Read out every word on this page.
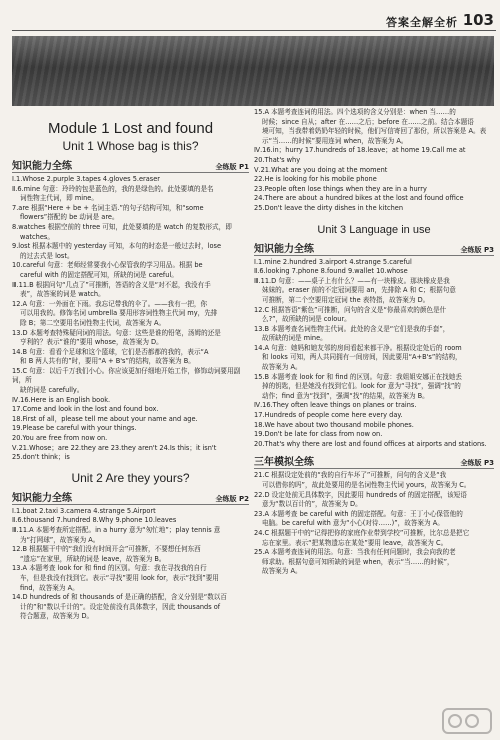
答案全解全析 103
Module 1 Lost and found
Unit 1 Whose bag is this?
知识能力全练	全练版 P1
Ⅰ.1.Whose 2.purple 3.tapes 4.gloves 5.eraser
Ⅱ.6.mine 句意：玲玲的包是蓝色的，我的是绿色的。此处要填的是名
词性物主代词，即 mine。
7.are 根据“Here + be + 名词主语.”的句子结构可知，和“some
flowers”搭配的 be 动词是 are。
8.watches 根据空前的 three 可知，此处要填的是 watch 的复数形式，即
watches。
9.lost 根据本题中的 yesterday 可知，本句的时态是一般过去时，lose
的过去式是 lost。
10.careful 句意：老师经常要我小心保管我的学习用品。根据 be
careful with 的固定搭配可知，所缺的词是 careful。
Ⅲ.11.B 根据问句“几点了”可推断，答语的含义是“对不起，我没有手
表”，故答案的词是 watch。
12.A 句意：一外面在下雨。我忘记带我的伞了。——我有一把，你
可以用我的。修饰名词 umbrella 要用形容词性物主代词 my，先排
除 B；第二空要用名词性物主代词，故答案为 A。
13.D 本题考查特殊疑问词的用法。句意：这些是谁的铅笔，汤姆的还是
亨利的？表示“谁的”要用 whose，故答案为 D。
14.B 句意：看看个足球和这个篮球，它们是否都都的我的，表示“A
和 B 两人共有的”时，要用“A + B's”的结构，故答案为 B。
15.C 句意：以后千万我们小心。你应该更加仔细地开始工作，修饰动词要用副词，所
缺的词是 carefully。
Ⅳ.16.Here is an English book.
17.Come and look in the lost and found box.
18.First of all，please tell me about your name and age.
19.Please be careful with your things.
20.You are free from now on.
Ⅴ.21.Whose；are 22.they are 23.they aren't 24.Is this；it isn't
25.don't think；is
Unit 2 Are they yours?
知识能力全练	全练版 P2
Ⅰ.1.boat 2.taxi 3.camera 4.strange 5.Airport
Ⅱ.6.thousand 7.hundred 8.Why 9.phone 10.leaves
Ⅲ.11.A 本题考查所定搭配。in a hurry 意为“匆忙地”；play tennis 意
为“打网球”，故答案为 A。
12.B 根据题干中的“我们没有时间开会”可推断，不要想任何东西
“遗忘”在家里，所缺的词是 leave，故答案为 B。
13.A 本题考查 look for 和 find 的区别。句意：我在寻找我的自行
车，但是我没有找到它。表示“寻找”要用 look for，表示“找到”要用
find，故答案为 A。
14.D hundreds of 和 thousands of 是正确的搭配，含义分别是“数以百
计的”和“数以千计的”。设定处前没有具体数字，因此 thousands of
符合题意，故答案为 D。
15.A 本题考查连词的用法。四个选项的含义分别是：when 当……的
时候；since 自从；after 在……之后；before 在……之前。结合本题语
境可知，当我带着奶奶年轻的时候，他们写信寄回了那份，所以答案是 A。表
示“当……的时候”要用连词 when，故答案为 A。
Ⅳ.16.in；hurry 17.hundreds of 18.leave；at home 19.Call me at
20.That's why
Ⅴ.21.What are you doing at the moment
22.He is looking for his mobile phone
23.People often lose things when they are in a hurry
24.There are about a hundred bikes at the lost and found office
25.Don't leave the dirty dishes in the kitchen
Unit 3 Language in use
知识能力全练	全练版 P3
Ⅰ.1.mine 2.hundred 3.airport 4.strange 5.careful
Ⅱ.6.looking 7.phone 8.found 9.wallet 10.whose
Ⅲ.11.D 句意：——桌子上有什么？——有一块橡皮。那块橡皮是我
妹妹的。eraser 前的不定冠词要用 an，先排除 A 和 C；根据句意
可推断，第二个空要用定冠词 the 表特指，故答案为 D。
12.C 根据答语“紫色”可推断，问句的含义是“你最喜欢的颜色是什
么?”，故所缺的词是 colour。
13.B 本题考查名词性物主代词。此处的含义是“它们是我的手套”，
故所缺的词是 mine。
14.A 句意：她妈和她友邻的房间看起来都干净。根据设定处后的 room
和 looks 可知，两人共同拥有一间房间，因此要用“A+B's”的结构，
故答案为 A。
15.B 本题考查 look for 和 find 的区别。句意：我姐姐安娜正在找她丢
掉的钥匙，但是她没有找到它们。look for 意为“寻找”，强调“找”的
动作；find 意为“找到”，强调“找”的结果，故答案为 B。
Ⅳ.16.They often leave things on planes or trains.
17.Hundreds of people come here every day.
18.We have about two thousand mobile phones.
19.Don't be late for class from now on.
20.That's why there are lost and found offices at airports and stations.
三年模拟全练	全练版 P3
21.C 根据设定处前的“我的自行车坏了”可推断，问句的含义是“我
可以借你的吗”，故此处要用的是名词性物主代词 yours，故答案为 C。
22.D 设定处前无具体数字，因此要用 hundreds of 的固定搭配，该短语
意为“数以百计的”，故答案为 D。
23.A 本题考查 be careful with 的固定搭配。句意：王丁小心保管他的
电脑。be careful with 意为“小心(对待……)”，故答案为 A。
24.C 根据题干中的“记得把你的家庭作业带到学校”可推断，比尔总是把它
忘在家里。表示“把某物遗忘在某处”要用 leave，故答案为 C。
25.A 本题考查连词的用法。句意：当我有任何问题时，我会向我的老
师求助。根据句意可知所缺的词是 when，表示“当……的时候”，
故答案为 A。
